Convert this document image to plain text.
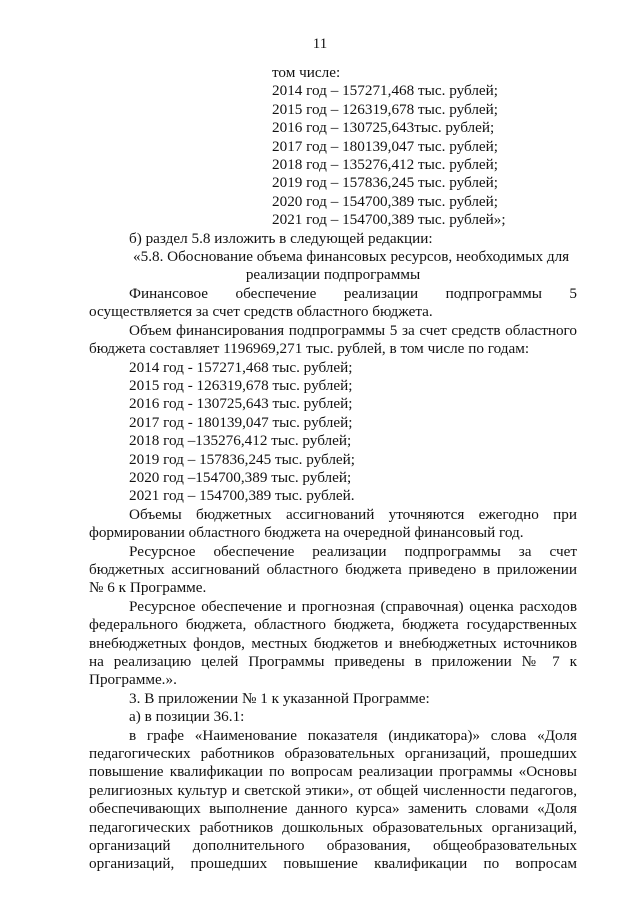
11
том числе:
2014 год – 157271,468 тыс. рублей;
2015 год – 126319,678 тыс. рублей;
2016 год – 130725,643тыс. рублей;
2017 год – 180139,047 тыс. рублей;
2018 год – 135276,412 тыс. рублей;
2019 год – 157836,245 тыс. рублей;
2020 год – 154700,389 тыс. рублей;
2021 год – 154700,389 тыс. рублей»;
б) раздел 5.8 изложить в следующей редакции:
«5.8. Обоснование объема финансовых ресурсов, необходимых для
реализации подпрограммы
Финансовое обеспечение реализации подпрограммы 5
осуществляется за счет средств областного бюджета.
Объем финансирования подпрограммы 5 за счет средств областного
бюджета составляет 1196969,271 тыс. рублей, в том числе по годам:
2014 год - 157271,468 тыс. рублей;
2015 год - 126319,678 тыс. рублей;
2016 год - 130725,643 тыс. рублей;
2017 год - 180139,047 тыс. рублей;
2018 год –135276,412 тыс. рублей;
2019 год – 157836,245 тыс. рублей;
2020 год –154700,389 тыс. рублей;
2021 год – 154700,389 тыс. рублей.
Объемы бюджетных ассигнований уточняются ежегодно при
формировании областного бюджета на очередной финансовый год.
Ресурсное обеспечение реализации подпрограммы за счет
бюджетных ассигнований областного бюджета приведено в приложении
№ 6 к Программе.
Ресурсное обеспечение и прогнозная (справочная) оценка расходов
федерального бюджета, областного бюджета, бюджета государственных
внебюджетных фондов, местных бюджетов и внебюджетных источников
на реализацию целей Программы приведены в приложении № 7 к
Программе.».
3. В приложении № 1 к указанной Программе:
а) в позиции 36.1:
в графе «Наименование показателя (индикатора)» слова «Доля
педагогических работников образовательных организаций, прошедших
повышение квалификации по вопросам реализации программы «Основы
религиозных культур и светской этики», от общей численности педагогов,
обеспечивающих выполнение данного курса» заменить словами «Доля
педагогических работников дошкольных образовательных организаций,
организаций дополнительного образования, общеобразовательных
организаций, прошедших повышение квалификации по вопросам
